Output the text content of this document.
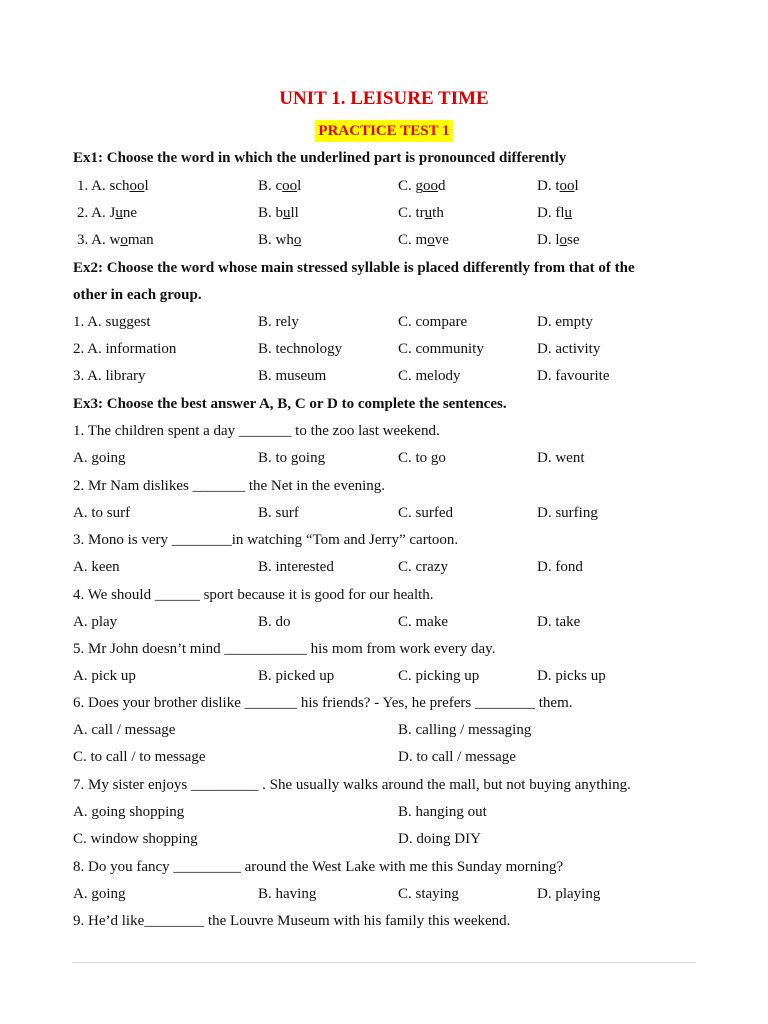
UNIT 1. LEISURE TIME
PRACTICE TEST 1
Ex1: Choose the word in which the underlined part is pronounced differently
1. A. school	B. cool	C. good	D. tool
2. A. June	B. bull	C. truth	D. flu
3. A. woman	B. who	C. move	D. lose
Ex2: Choose the word whose main stressed syllable is placed differently from that of the
other in each group.
1. A. suggest	B. rely	C. compare	D. empty
2. A. information	B. technology	C. community	D. activity
3. A. library	B. museum	C. melody	D. favourite
Ex3: Choose the best answer A, B, C or D to complete the sentences.
1. The children spent a day _______ to the zoo last weekend.
A. going	B. to going	C. to go	D. went
2. Mr Nam dislikes _______ the Net in the evening.
A. to surf	B. surf	C. surfed	D. surfing
3. Mono is very ________in watching “Tom and Jerry” cartoon.
A. keen	B. interested	C. crazy	D. fond
4. We should ______ sport because it is good for our health.
A. play	B. do	C. make	D. take
5. Mr John doesn’t mind ___________ his mom from work every day.
A. pick up	B. picked up	C. picking up	D. picks up
6. Does your brother dislike _______ his friends? - Yes, he prefers ________ them.
A. call / message	B. calling / messaging
C. to call / to message	D. to call / message
7. My sister enjoys _________ . She usually walks around the mall, but not buying anything.
A. going shopping	B. hanging out
C. window shopping	D. doing DIY
8. Do you fancy _________ around the West Lake with me this Sunday morning?
A. going	B. having	C. staying	D. playing
9. He’d like________ the Louvre Museum with his family this weekend.
